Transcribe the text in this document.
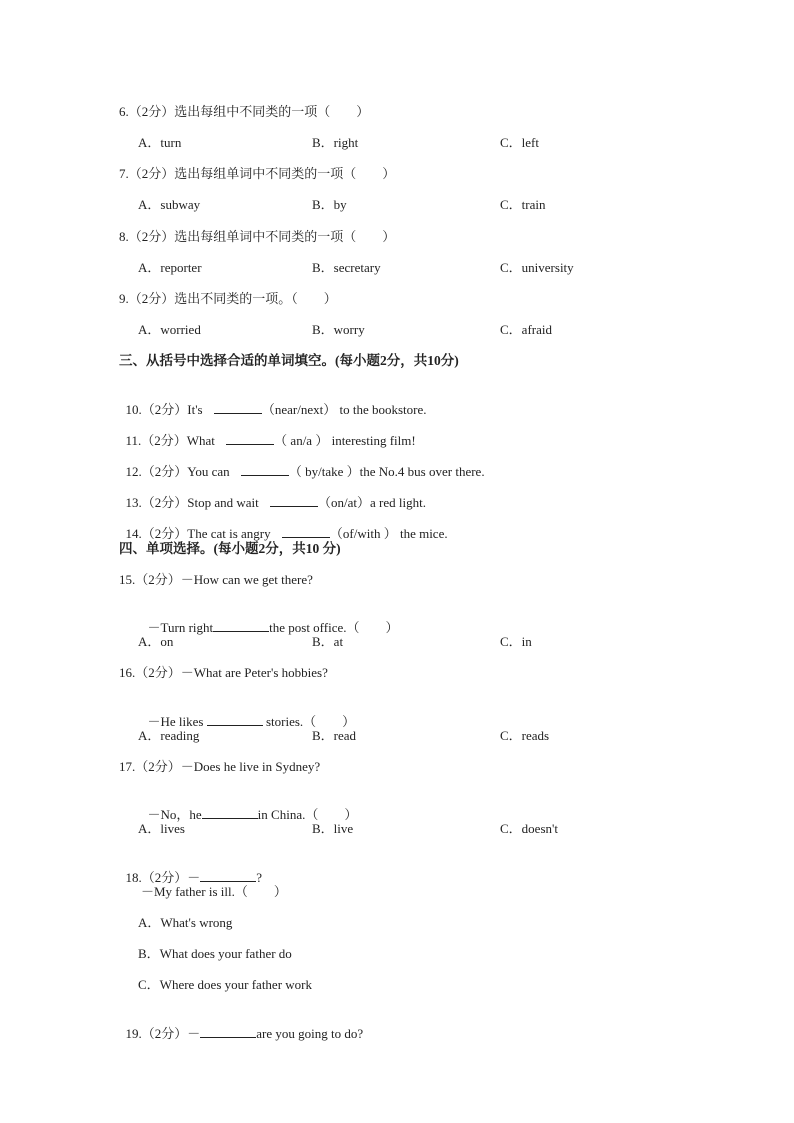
6.（2分）选出每组中不同类的一项（　　）
A．turn	B．right	C．left
7.（2分）选出每组单词中不同类的一项（　　）
A．subway	B．by	C．train
8.（2分）选出每组单词中不同类的一项（　　）
A．reporter	B．secretary	C．university
9.（2分）选出不同类的一项。（　　）
A．worried	B．worry	C．afraid
三、从括号中选择合适的单词填空。(每小题2分，共10分)

10.（2分）It's	（near/next） to the bookstore.

11.（2分）What	（ an/a ） interesting film!

12.（2分）You can	（ by/take ）the No.4 bus over there.

13.（2分）Stop and wait	（on/at）a red light.

14.（2分）The cat is angry	（of/with ） the mice.

四、单项选择。(每小题2分，共10 分)
15.（2分）－How can we get there?

－Turn right	the post office.（　　）

A．on	B．at	C．in
16.（2分）－What are Peter's hobbies?

－He likes	stories.（　　）

A．reading	B．read	C．reads
17.（2分）－Does he live in Sydney?

－No，he	in China.（　　）

A．lives	B．live	C．doesn't

18.（2分）－	?

－My father is ill.（　　）
A．What's wrong
B．What does your father do
C．Where does your father work

19.（2分）－	are you going to do?
